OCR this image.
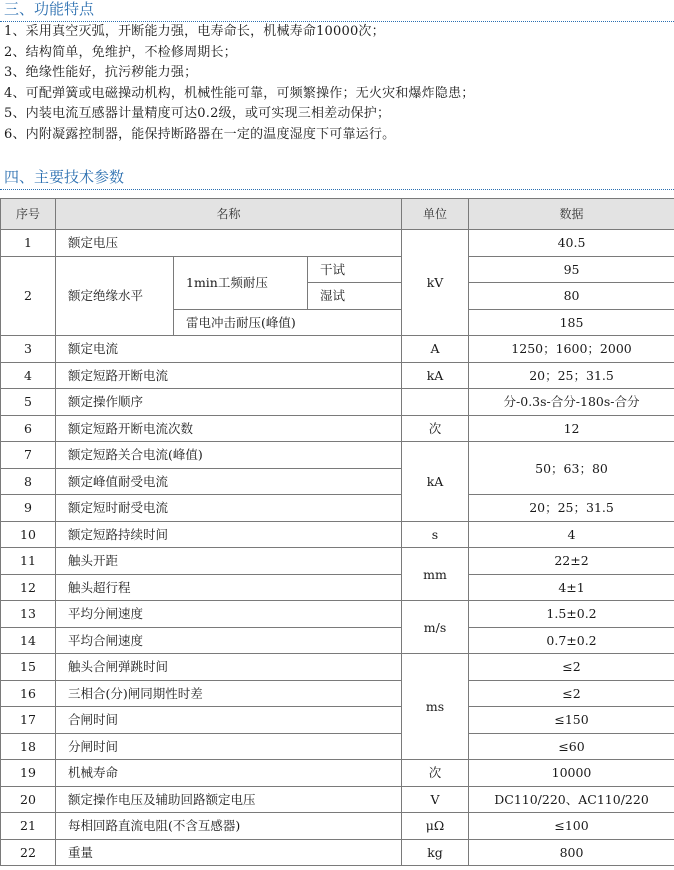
三、功能特点
1、采用真空灭弧，开断能力强，电寿命长，机械寿命10000次；
2、结构简单，免维护，不检修周期长；
3、绝缘性能好，抗污秽能力强；
4、可配弹簧或电磁操动机构，机械性能可靠，可频繁操作；无火灾和爆炸隐患；
5、内装电流互感器计量精度可达0.2级，或可实现三相差动保护；
6、内附凝露控制器，能保持断路器在一定的温度湿度下可靠运行。
四、主要技术参数
序号	名称			单位	数据
1	额定电压			kV	40.5
2	额定绝缘水平	1min工频耐压	干试		95
			湿试		80
		雷电冲击耐压(峰值)			185
3	额定电流			A	1250；1600；2000
4	额定短路开断电流			kA	20；25；31.5
5	额定操作顺序				分-0.3s-合分-180s-合分
6	额定短路开断电流次数			次	12
7	额定短路关合电流(峰值)			kA	50；63；80
8	额定峰值耐受电流				
9	额定短时耐受电流				20；25；31.5
10	额定短路持续时间			s	4
11	触头开距			mm	22±2
12	触头超行程				4±1
13	平均分闸速度			m/s	1.5±0.2
14	平均合闸速度				0.7±0.2
15	触头合闸弹跳时间			ms	≤2
16	三相合(分)闸同期性时差				≤2
17	合闸时间				≤150
18	分闸时间				≤60
19	机械寿命			次	10000
20	额定操作电压及辅助回路额定电压			V	DC110/220、AC110/220
21	每相回路直流电阻(不含互感器)			μΩ	≤100
22	重量			kg	800
